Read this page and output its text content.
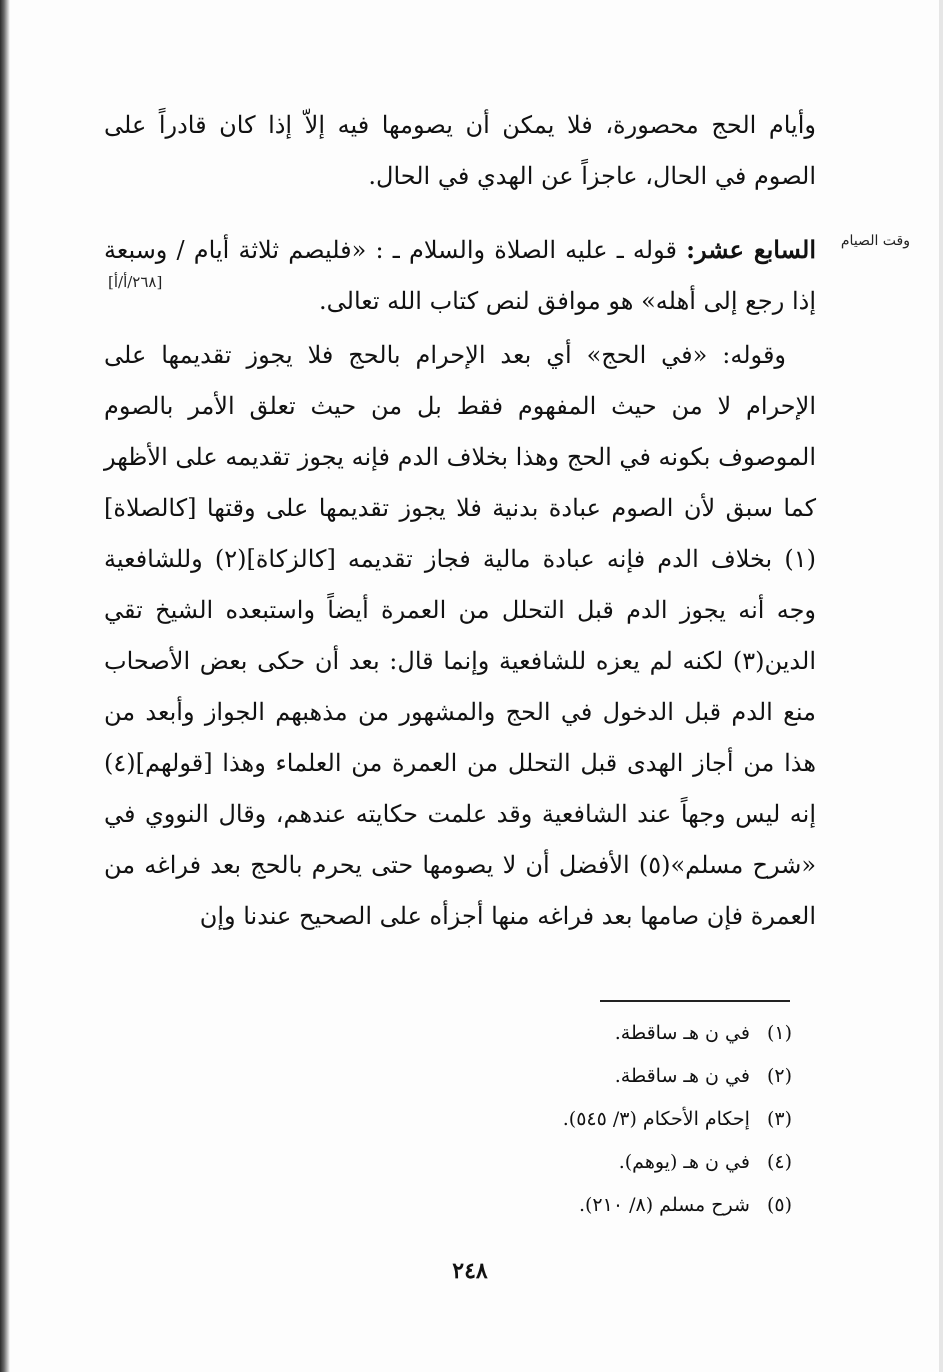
وأيام الحج محصورة، فلا يمكن أن يصومها فيه إلاّ إذا كان قادراً على الصوم في الحال، عاجزاً عن الهدي في الحال.

وقت الصيام
[٢٦٨/أ/أ]

السابع عشر: قوله ـ عليه الصلاة والسلام ـ : «فليصم ثلاثة أيام / وسبعة إذا رجع إلى أهله» هو موافق لنص كتاب الله تعالى.

وقوله: «في الحج» أي بعد الإحرام بالحج فلا يجوز تقديمها على الإحرام لا من حيث المفهوم فقط بل من حيث تعلق الأمر بالصوم الموصوف بكونه في الحج وهذا بخلاف الدم فإنه يجوز تقديمه على الأظهر كما سبق لأن الصوم عبادة بدنية فلا يجوز تقديمها على وقتها [كالصلاة](١) بخلاف الدم فإنه عبادة مالية فجاز تقديمه [كالزكاة](٢) وللشافعية وجه أنه يجوز الدم قبل التحلل من العمرة أيضاً واستبعده الشيخ تقي الدين(٣) لكنه لم يعزه للشافعية وإنما قال: بعد أن حكى بعض الأصحاب منع الدم قبل الدخول في الحج والمشهور من مذهبهم الجواز وأبعد من هذا من أجاز الهدى قبل التحلل من العمرة من العلماء وهذا [قولهم](٤) إنه ليس وجهاً عند الشافعية وقد علمت حكايته عندهم، وقال النووي في «شرح مسلم»(٥) الأفضل أن لا يصومها حتى يحرم بالحج بعد فراغه من العمرة فإن صامها بعد فراغه منها أجزأه على الصحيح عندنا وإن

(١) في ن هـ ساقطة.
(٢) في ن هـ ساقطة.
(٣) إحكام الأحكام (٣/ ٥٤٥).
(٤) في ن هـ (يوهم).
(٥) شرح مسلم (٨/ ٢١٠).
٢٤٨
